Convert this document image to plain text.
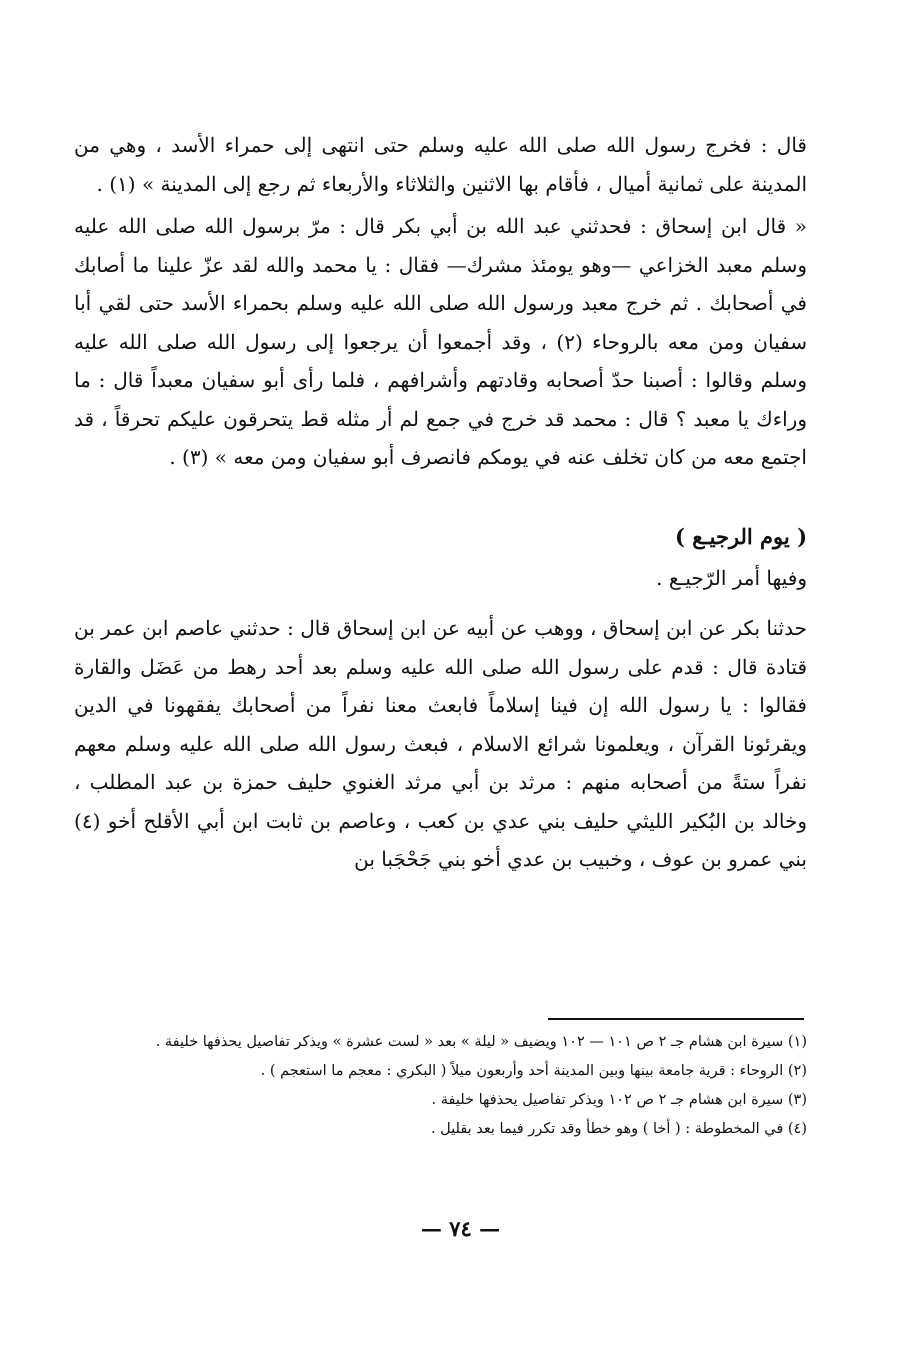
قال : فخرج رسول الله صلى الله عليه وسلم حتى انتهى إلى حمراء الأسد ، وهي من المدينة على ثمانية أميال ، فأقام بها الاثنين والثلاثاء والأربعاء ثم رجع إلى المدينة » (١) .

« قال ابن إسحاق : فحدثني عبد الله بن أبي بكر قال : مرّ برسول الله صلى الله عليه وسلم معبد الخزاعي —وهو يومئذ مشرك— فقال : يا محمد والله لقد عزّ علينا ما أصابك في أصحابك . ثم خرج معبد ورسول الله صلى الله عليه وسلم بحمراء الأسد حتى لقي أبا سفيان ومن معه بالروحاء (٢) ، وقد أجمعوا أن يرجعوا إلى رسول الله صلى الله عليه وسلم وقالوا : أصبنا حدّ أصحابه وقادتهم وأشرافهم ، فلما رأى أبو سفيان معبداً قال : ما وراءك يا معبد ؟ قال : محمد قد خرج في جمع لم أر مثله قط يتحرقون عليكم تحرقاً ، قد اجتمع معه من كان تخلف عنه في يومكم فانصرف أبو سفيان ومن معه » (٣) .

( يوم الرجيـع )

وفيها أمر الرّجيـع .

حدثنا بكر عن ابن إسحاق ، ووهب عن أبيه عن ابن إسحاق قال : حدثني عاصم ابن عمر بن قتادة قال : قدم على رسول الله صلى الله عليه وسلم بعد أحد رهط من عَضَل والقارة فقالوا : يا رسول الله إن فينا إسلاماً فابعث معنا نفراً من أصحابك يفقهونا في الدين ويقرئونا القرآن ، ويعلمونا شرائع الاسلام ، فبعث رسول الله صلى الله عليه وسلم معهم نفراً ستةً من أصحابه منهم : مرثد بن أبي مرثد الغنوي حليف حمزة بن عبد المطلب ، وخالد بن البُكير الليثي حليف بني عدي بن كعب ، وعاصم بن ثابت ابن أبي الأقلح أخو (٤) بني عمرو بن عوف ، وخبيب بن عدي أخو بني جَحْجَبا بن

(١) سيرة ابن هشام جـ ٢ ص ١٠١ — ١٠٢ ويضيف « ليلة » بعد « لست عشرة » ويذكر تفاصيل يحذفها خليفة .

(٢) الروحاء : قرية جامعة بينها وبين المدينة أحد وأربعون ميلاً ( البكري : معجم ما استعجم ) .

(٣) سيرة ابن هشام جـ ٢ ص ١٠٢ ويذكر تفاصيل يحذفها خليفة .

(٤) في المخطوطة : ( أخا ) وهو خطأ وقد تكرر فيما بعد بقليل .

— ٧٤ —
